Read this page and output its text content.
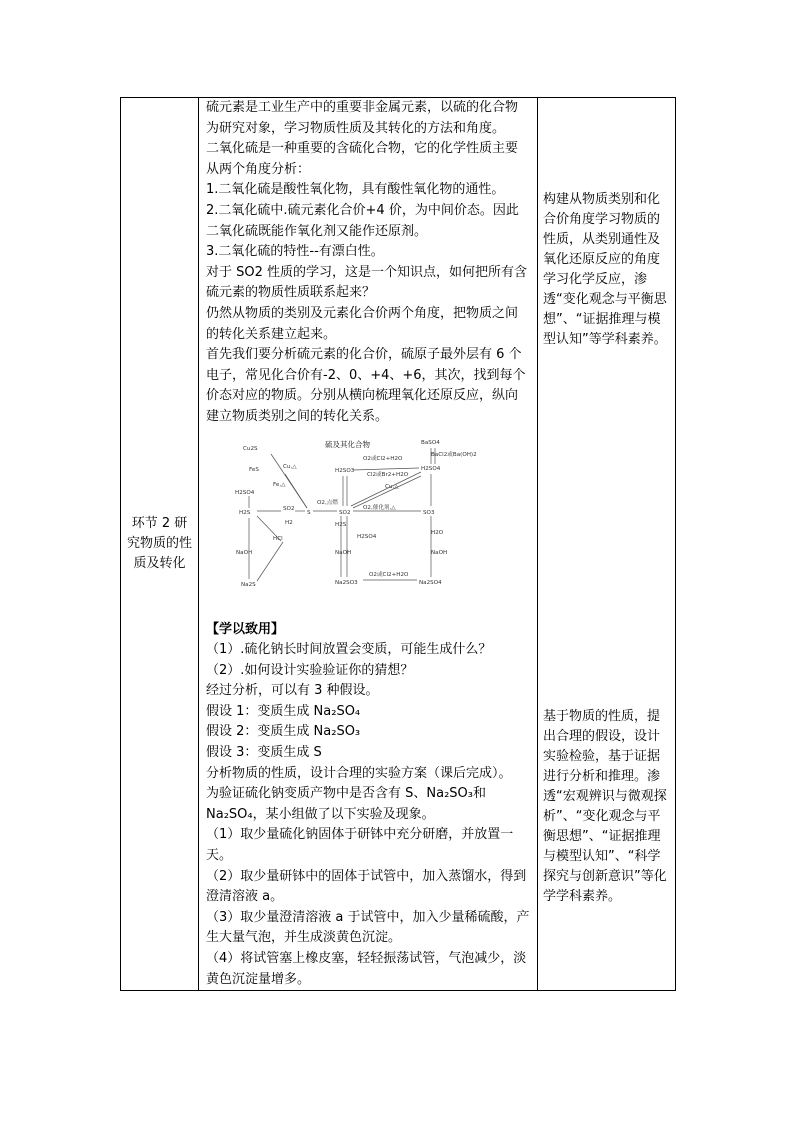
环节 2 研究物质的性质及转化

硫元素是工业生产中的重要非金属元素，以硫的化合物为研究对象，学习物质性质及其转化的方法和角度。
二氧化硫是一种重要的含硫化合物，它的化学性质主要从两个角度分析：
1.二氧化硫是酸性氧化物，具有酸性氧化物的通性。
2.二氧化硫中.硫元素化合价+4 价，为中间价态。因此二氧化硫既能作氧化剂又能作还原剂。
3.二氧化硫的特性--有漂白性。
对于 SO2 性质的学习，这是一个知识点，如何把所有含硫元素的物质性质联系起来？
仍然从物质的类别及元素化合价两个角度，把物质之间的转化关系建立起来。
首先我们要分析硫元素的化合价，硫原子最外层有 6 个电子，常见化合价有-2、0、+4、+6，其次，找到每个价态对应的物质。分别从横向梳理氧化还原反应，纵向建立物质类别之间的转化关系。
硫及其化合物
Cu2S
FeS	Cu,△
Fe,△
H2SO4
H2S
SO2
S
H2
HCl
NaOH
Na2S
O2,点燃
H2SO3
SO2
O2,催化剂,△
O2或Cl2+H2O
Cl2或Br2+H2O
Cu,△
SO3
H2O
BaSO4
BaCl2或Ba(OH)2
H2SO4
NaOH
H2SO4
Na2SO3	Na2SO4
O2或Cl2+H2O
NaOH
H2S
【学以致用】
（1）.硫化钠长时间放置会变质，可能生成什么？
（2）.如何设计实验验证你的猜想？
经过分析，可以有 3 种假设。
假设 1：变质生成 Na₂SO₄
假设 2：变质生成 Na₂SO₃
假设 3：变质生成 S
分析物质的性质，设计合理的实验方案（课后完成）。
为验证硫化钠变质产物中是否含有 S、Na₂SO₃和 Na₂SO₄，某小组做了以下实验及现象。
（1）取少量硫化钠固体于研钵中充分研磨，并放置一天。
（2）取少量研钵中的固体于试管中，加入蒸馏水，得到澄清溶液 a。
（3）取少量澄清溶液 a 于试管中，加入少量稀硫酸，产生大量气泡，并生成淡黄色沉淀。
（4）将试管塞上橡皮塞，轻轻振荡试管，气泡减少，淡黄色沉淀量增多。

构建从物质类别和化合价角度学习物质的性质，从类别通性及氧化还原反应的角度学习化学反应，渗透“变化观念与平衡思想”、“证据推理与模型认知”等学科素养。
基于物质的性质，提出合理的假设，设计实验检验，基于证据进行分析和推理。渗透“宏观辨识与微观探析”、“变化观念与平衡思想”、“证据推理与模型认知”、“科学探究与创新意识”等化学学科素养。
